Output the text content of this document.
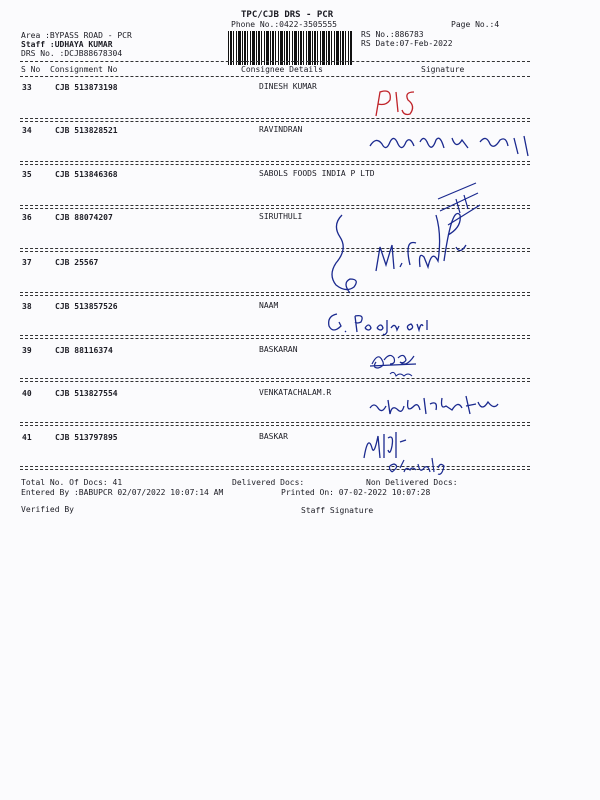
TPC/CJB DRS - PCR
Phone No.:0422-3505555	Page No.:4
Area :BYPASS ROAD - PCR
Staff :UDHAYA KUMAR
DRS No. :DCJB88678304
RS No.:886783
RS Date:07-Feb-2022
S No Consignment No	Consignee Details	Signature
33	CJB 513873198	DINESH KUMAR
34	CJB 513828521	RAVINDRAN
35	CJB 513846368	SABOLS FOODS INDIA P LTD
36	CJB 88074207	SIRUTHULI
37	CJB 25567
38	CJB 513857526	NAAM
39	CJB 88116374	BASKARAN
40	CJB 513827554	VENKATACHALAM.R
41	CJB 513797895	BASKAR
Total No. Of Docs: 41	Delivered Docs:	Non Delivered Docs:
Entered By :BABUPCR 02/07/2022 10:07:14 AM	Printed On: 07-02-2022 10:07:28
Verified By	Staff Signature
